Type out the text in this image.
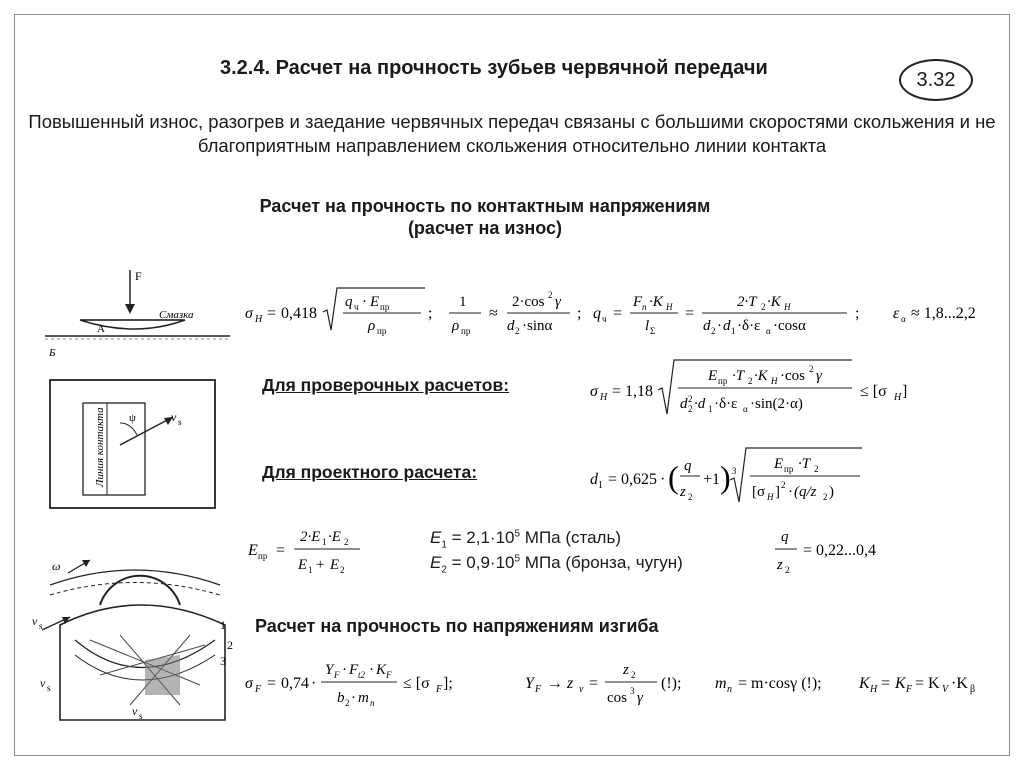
3.2.4. Расчет на прочность зубьев червячной передачи
3.32
Повышенный износ, разогрев и заедание червячных передач связаны с большими скоростями скольжения и не благоприятным направлением скольжения относительно линии контакта
Расчет на прочность по контактным напряжениям
(расчет на износ)
F
Смазка
А
Б
ψ	v s
Линия контакта
ω
v s
v s
v s
1
2
3
σ H = 0,418
q ч · E пр
ρ пр
;
1
ρ пр
≈
2·cos 2 γ
d 2 ·sinα
; q ч =
F n ·K H
l Σ
=
2·T 2 ·K H
d 2 · d 1 ·δ·ε α ·cosα
; ε α ≈ 1,8...2,2
Для проверочных расчетов:	σ H = 1,18
E пр ·T 2 ·K H ·cos 2 γ
d 2
2 ·d 1 ·δ·ε α ·sin(2·α)
≤ [σ H ]
Для проектного расчета:	d 1 = 0,625 · ( q
z 2
+1 ) 3	E пр ·T 2
[σ H ] 2 · (q/z 2 )
E пр =
2·E 1 ·E 2
E 1 + E 2
$E_1 = 2,1\cdot 10^5$ МПа (сталь)
$E_2 = 0,9\cdot 10^5$ МПа (бронза, чугун)
q
z 2
= 0,22...0,4
Расчет на прочность по напряжениям изгиба
σ F = 0,74 ·
Y F · F t2 · K F
b 2 · m n
≤ [σ F ];	Y F → z v =
z 2
cos 3 γ
(!); m n = m·cosγ (!); K H = K F = K V ·K β
